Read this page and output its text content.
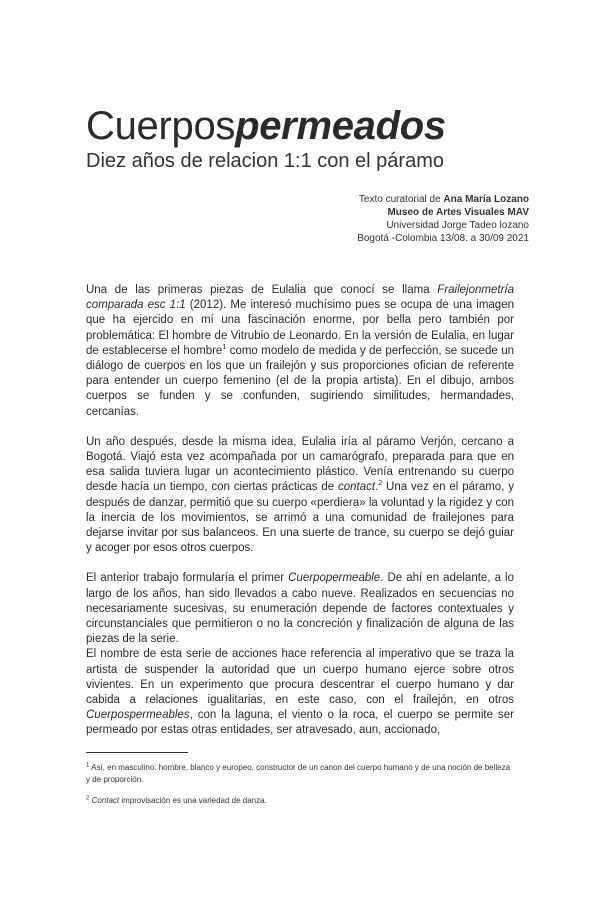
Cuerpospermeados
Diez años de relacion 1:1 con el páramo
Texto curatorial de Ana María Lozano
Museo de Artes Visuales MAV
Universidad Jorge Tadeo lozano
Bogotá -Colombia 13/08. a 30/09 2021

Una de las primeras piezas de Eulalia que conocí se llama Frailejonmetría comparada esc 1:1 (2012). Me interesó muchísimo pues se ocupa de una imagen que ha ejercido en mí una fascinación enorme, por bella pero también por problemática: El hombre de Vitrubio de Leonardo. En la versión de Eulalia, en lugar de establecerse el hombre$^1$ como modelo de medida y de perfección, se sucede un diálogo de cuerpos en los que un frailejón y sus proporciones ofician de referente para entender un cuerpo femenino (el de la propia artista). En el dibujo, ambos cuerpos se funden y se confunden, sugiriendo similitudes, hermandades, cercanías.

Un año después, desde la misma idea, Eulalia iría al páramo Verjón, cercano a Bogotá. Viajó esta vez acompañada por un camarógrafo, preparada para que en esa salida tuviera lugar un acontecimiento plástico. Venía entrenando su cuerpo desde hacía un tiempo, con ciertas prácticas de contact.$^2$ Una vez en el páramo, y después de danzar, permitió que su cuerpo «perdiera» la voluntad y la rigidez y con la inercia de los movimientos, se arrimó a una comunidad de frailejones para dejarse invitar por sus balanceos. En una suerte de trance, su cuerpo se dejó guiar y acoger por esos otros cuerpos.

El anterior trabajo formularía el primer Cuerpopermeable. De ahí en adelante, a lo largo de los años, han sido llevados a cabo nueve. Realizados en secuencias no necesariamente sucesivas, su enumeración depende de factores contextuales y circunstanciales que permitieron o no la concreción y finalización de alguna de las piezas de la serie.

El nombre de esta serie de acciones hace referencia al imperativo que se traza la artista de suspender la autoridad que un cuerpo humano ejerce sobre otros vivientes. En un experimento que procura descentrar el cuerpo humano y dar cabida a relaciones igualitarias, en este caso, con el frailejón, en otros Cuerpospermeables, con la laguna, el viento o la roca, el cuerpo se permite ser permeado por estas otras entidades, ser atravesado, aun, accionado,

$^1$ Así, en masculino: hombre, blanco y europeo, constructor de un canon del cuerpo humano y de una noción de belleza y de proporción.

$^2$ Contact improvisación es una variedad de danza.
